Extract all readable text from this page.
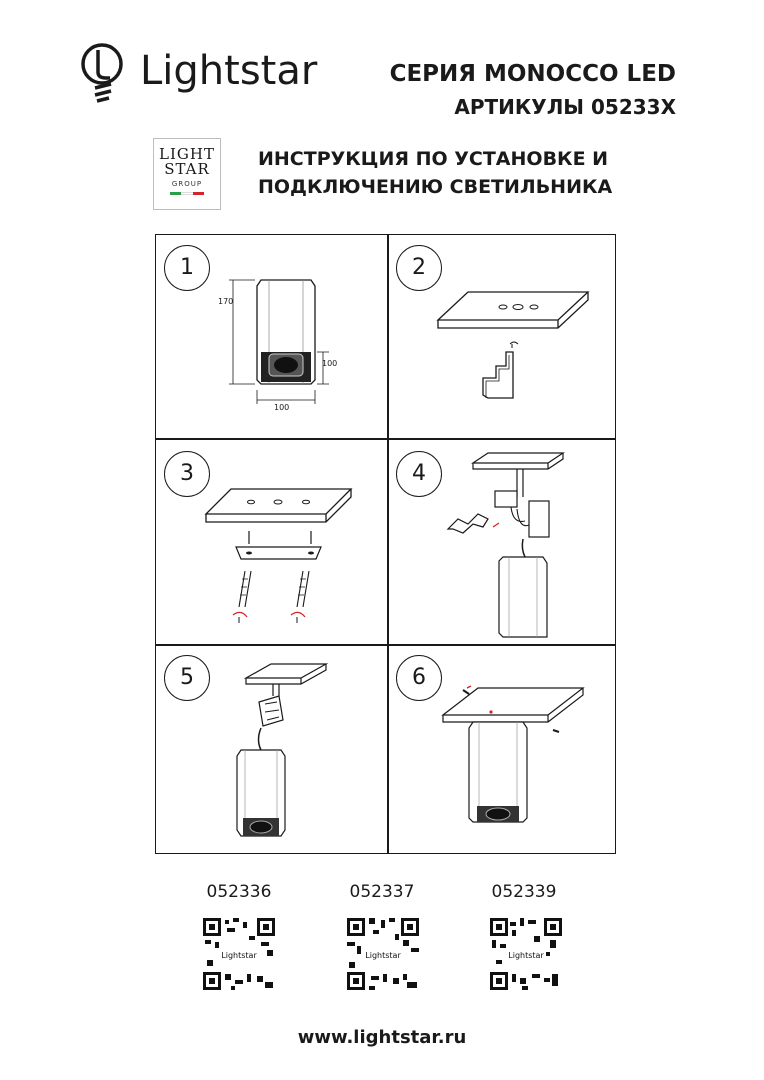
Lightstar	СЕРИЯ MONOCCO LED
АРТИКУЛЫ 05233X
LIGHT
STAR
GROUP
ИНСТРУКЦИЯ ПО УСТАНОВКЕ И
ПОДКЛЮЧЕНИЮ СВЕТИЛЬНИКА
1
170
100
100
2
3	4
5	6
052336	052337	052339
Lightstar	Lightstar	Lightstar
www.lightstar.ru
